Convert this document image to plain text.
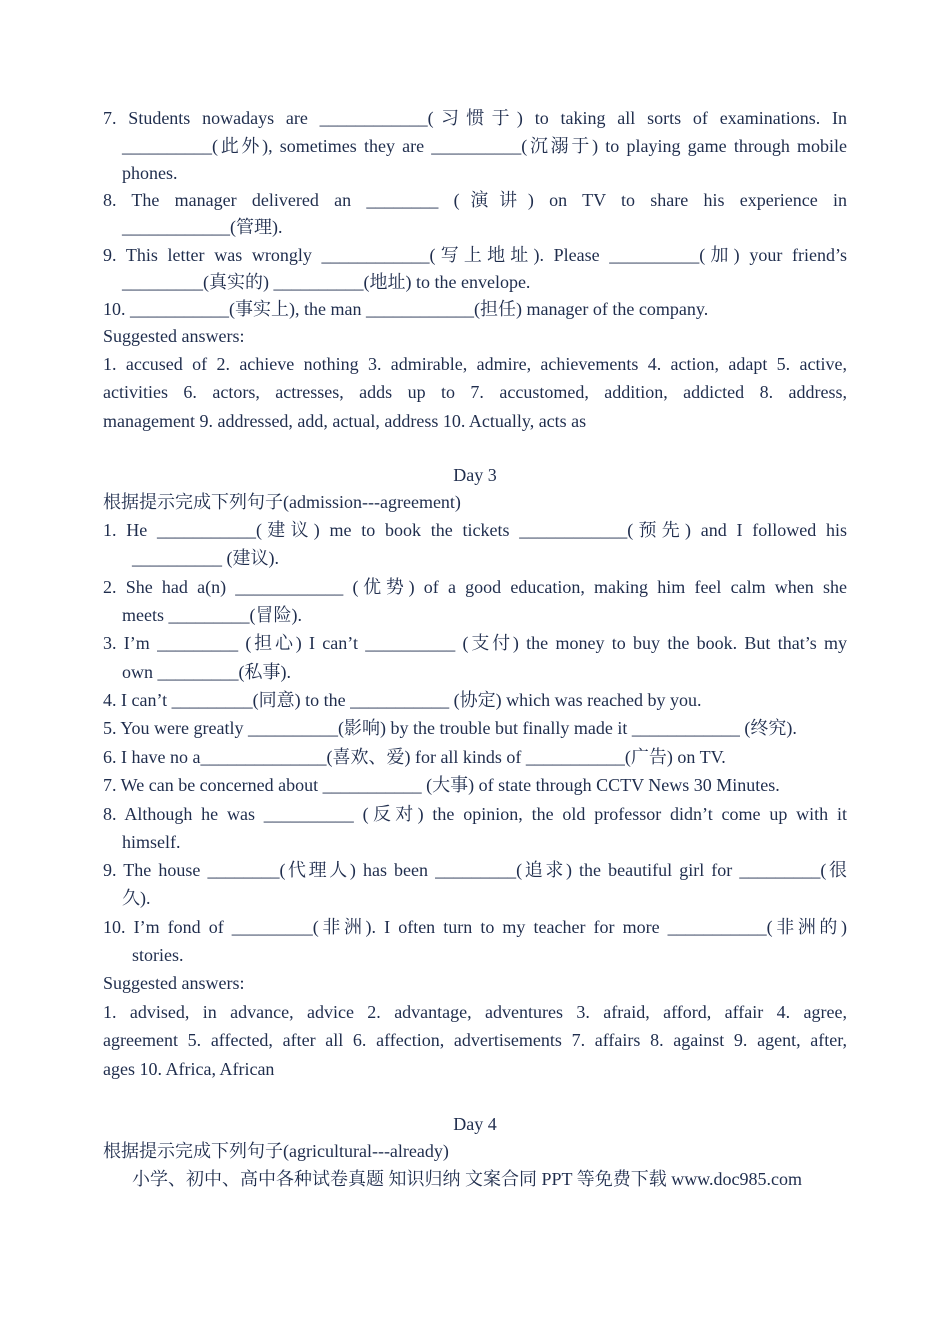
7. Students nowadays are ____________(习惯于) to taking all sorts of examinations. In
__________(此外), sometimes they are __________(沉溺于) to playing game through mobile
phones.
8. The manager delivered an ________ (演讲) on TV to share his experience in
____________(管理).
9. This letter was wrongly ____________(写上地址). Please __________(加) your friend’s
_________(真实的) __________(地址) to the envelope.
10. ___________(事实上), the man ____________(担任) manager of the company.
Suggested answers:
1. accused of 2. achieve nothing 3. admirable, admire, achievements 4. action, adapt 5. active,
activities 6. actors, actresses, adds up to 7. accustomed, addition, addicted 8. address,
management 9. addressed, add, actual, address 10. Actually, acts as
Day 3
根据提示完成下列句子(admission---agreement)
1. He ___________(建议) me to book the tickets ____________(预先) and I followed his
__________ (建议).
2. She had a(n) ____________ (优势) of a good education, making him feel calm when she
meets _________(冒险).
3. I’m _________ (担心) I can’t __________ (支付) the money to buy the book. But that’s my
own _________(私事).
4. I can’t _________(同意) to the ___________ (协定) which was reached by you.
5. You were greatly __________(影响) by the trouble but finally made it ____________ (终究).
6. I have no a______________(喜欢、爱) for all kinds of ___________(广告) on TV.
7. We can be concerned about ___________ (大事) of state through CCTV News 30 Minutes.
8. Although he was __________ (反对) the opinion, the old professor didn’t come up with it
himself.
9. The house ________(代理人) has been _________(追求) the beautiful girl for _________(很
久).
10. I’m fond of _________(非洲). I often turn to my teacher for more ___________(非洲的)
stories.
Suggested answers:
1. advised, in advance, advice 2. advantage, adventures 3. afraid, afford, affair 4. agree,
agreement 5. affected, after all 6. affection, advertisements 7. affairs 8. against 9. agent, after,
ages 10. Africa, African
Day 4
根据提示完成下列句子(agricultural---already)
小学、初中、高中各种试卷真题 知识归纳 文案合同 PPT 等免费下载 www.doc985.com
